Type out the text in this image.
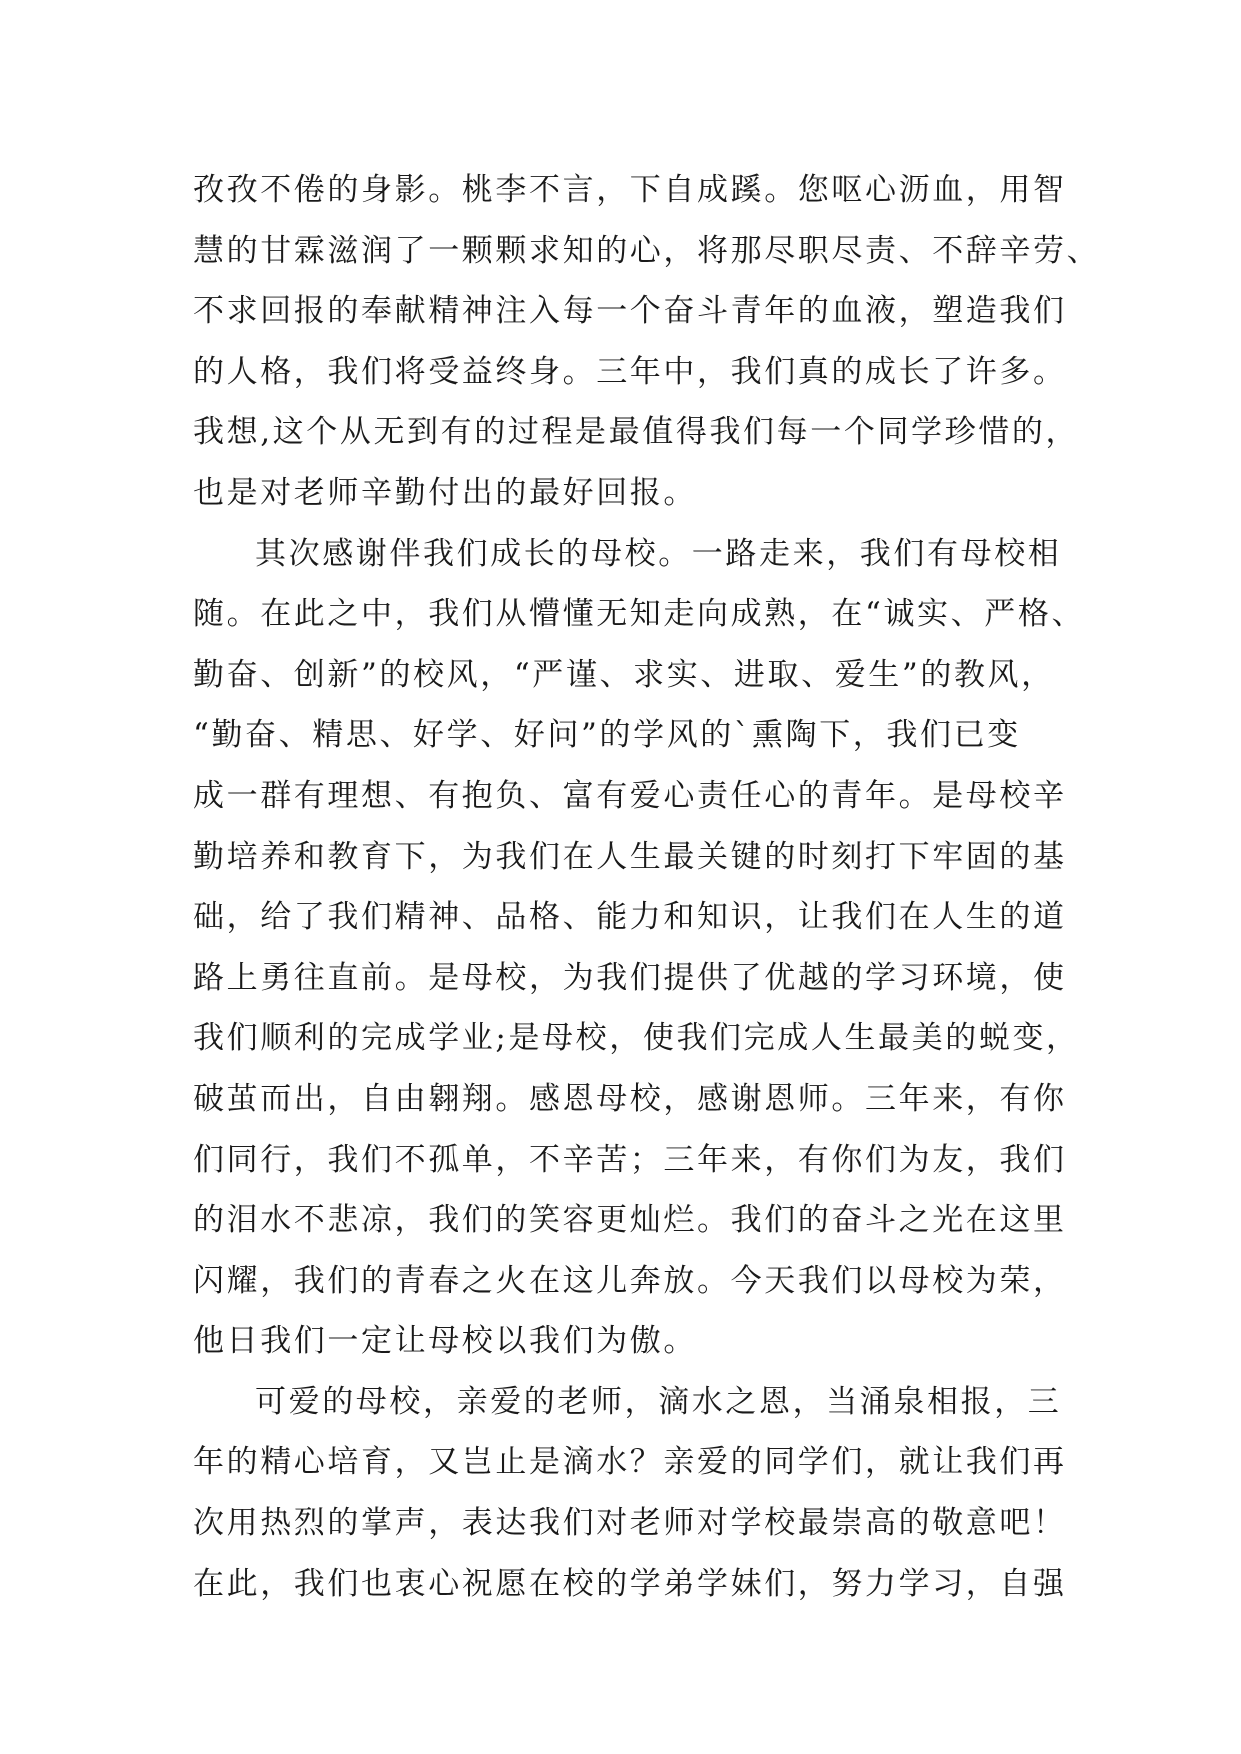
孜孜不倦的身影。桃李不言，下自成蹊。您呕心沥血，用智
慧的甘霖滋润了一颗颗求知的心，将那尽职尽责、不辞辛劳、
不求回报的奉献精神注入每一个奋斗青年的血液，塑造我们
的人格，我们将受益终身。三年中，我们真的成长了许多。
我想,这个从无到有的过程是最值得我们每一个同学珍惜的，
也是对老师辛勤付出的最好回报。
其次感谢伴我们成长的母校。一路走来，我们有母校相
随。在此之中，我们从懵懂无知走向成熟，在“诚实、严格、
勤奋、创新”的校风，“严谨、求实、进取、爱生”的教风，
“勤奋、精思、好学、好问”的学风的`熏陶下，我们已变
成一群有理想、有抱负、富有爱心责任心的青年。是母校辛
勤培养和教育下，为我们在人生最关键的时刻打下牢固的基
础，给了我们精神、品格、能力和知识，让我们在人生的道
路上勇往直前。是母校，为我们提供了优越的学习环境，使
我们顺利的完成学业;是母校，使我们完成人生最美的蜕变，
破茧而出，自由翱翔。感恩母校，感谢恩师。三年来，有你
们同行，我们不孤单，不辛苦；三年来，有你们为友，我们
的泪水不悲凉，我们的笑容更灿烂。我们的奋斗之光在这里
闪耀，我们的青春之火在这儿奔放。今天我们以母校为荣，
他日我们一定让母校以我们为傲。
可爱的母校，亲爱的老师，滴水之恩，当涌泉相报，三
年的精心培育，又岂止是滴水？亲爱的同学们，就让我们再
次用热烈的掌声，表达我们对老师对学校最崇高的敬意吧！
在此，我们也衷心祝愿在校的学弟学妹们，努力学习，自强
